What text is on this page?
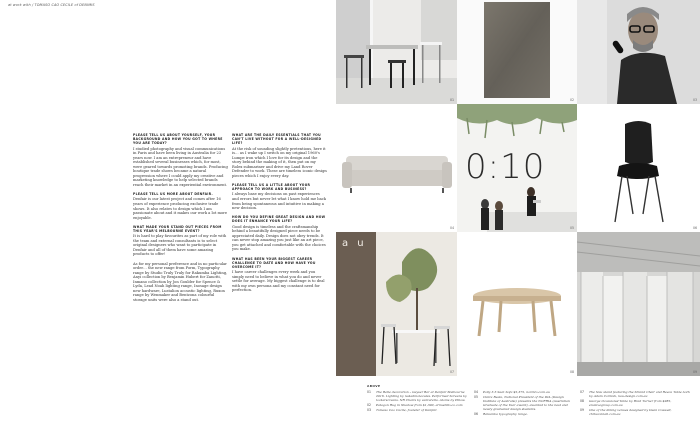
at work with / TOMASO CAO CECILE of DENIMIS
PLEASE TELL US ABOUT YOURSELF, YOUR BACKGROUND AND HOW YOU GOT TO WHERE YOU ARE TODAY?
I studied photography and visual communications in Paris and have been living in Australia for 23 years now. I am an entrepreneur and have established several businesses which, for most, were geared towards promoting brands. Producing boutique trade shows became a natural progression where I could apply my creative and marketing knowledge to help selected brands reach their market in an experiential environment.
PLEASE TELL US MORE ABOUT DENFAIR.
Denfair is our latest project and comes after 16 years of experience producing exclusive trade shows. It also relates to design which I am passionate about and it makes our work a lot more enjoyable.
WHAT MADE YOUR STAND OUT PIECES FROM THIS YEAR'S MELBOURNE EVENT?
It is hard to play favourites as part of my role with the team and external consultants is to select original designers who want to participate in Denfair and all of them have some amazing products to offer!
As for my personal preference and in no particular order… the new range from Form, Typography range by Studio Truly Truly for Rakumba Lighting, Anyi collection by Benjamin Hubert for Zanotti, Inmano collection by Jon Goulder for Spence & Lyda, Lead Noah lighting range, Inosage design new hardware, Lustalion acoustic lighting, Ruxon range by Wenmaker and Bentzona colourful storage units were also a stand out.
WHAT ARE THE DAILY ESSENTIALS THAT YOU CAN'T LIVE WITHOUT FOR A WELL-DESIGNED LIFE?
At the risk of sounding slightly pretentious, here it is… as I wake up I switch on my original 1960's Lumpe iron which I love for its design and the story behind the making of it, then put on my Rolex submariner and drive my Land Rover Defender to work. These are timeless iconic design pieces which I enjoy every day.
PLEASE TELL US A LITTLE ABOUT YOUR APPROACH TO WORK AND BUSINESS?
I always base my decisions on past experiences and errors but never let what I know hold me back from being spontaneous and intuitive in making a new decision.
HOW DO YOU DEFINE GREAT DESIGN AND HOW DOES IT ENHANCE YOUR LIFE?
Good design is timeless and the craftsmanship behind a beautifully designed piece needs to be appreciated daily. Design does not obey trends. It can never stop amazing you just like an art piece, you get attached and comfortable with the choices you make.
WHAT HAS BEEN YOUR BIGGEST CAREER CHALLENGE TO DATE AND HOW HAVE YOU OVERCOME IT?
I have career challenges every week and you simply need to believe in what you do and never settle for average. My biggest challenge is to deal with my own persona and my constant need for perfection.
01	02	03
04
0:10
05	06
a u
07	08	09
ABOVE
01	The Belle decoration – Geyser Bar at Denfair Melbourne 2016. Lighting by nakedmolecules. Performed Screens by lockerscreens. NR Chairs by venturella. Atoms by Pillow.
02	Patagon Rug in Shadow from $1,390, armadillo-co.com
03	Tomaso Cao Cecile, founder of Denfair.
04	Polly 3.5 Seat Sofa $5,375, norinto.com.au
05	Claire Beale, National President of the DIA (Design Institute of Australia) presents the NOFRIA (Australian Graduate of the Year award), awarded to the best and newly graduated design students.
06	Rakumba typography range.
07	The Nau stand featuring the Strand Chair and Reece Table both by Adam Cornish, nau-design.com.au
08	George Occasional Table by Brad Turner from $285, enclavegroup.com.au
09	One of the dining venues designed by Dean Coswell, chrisconnell.com.au
